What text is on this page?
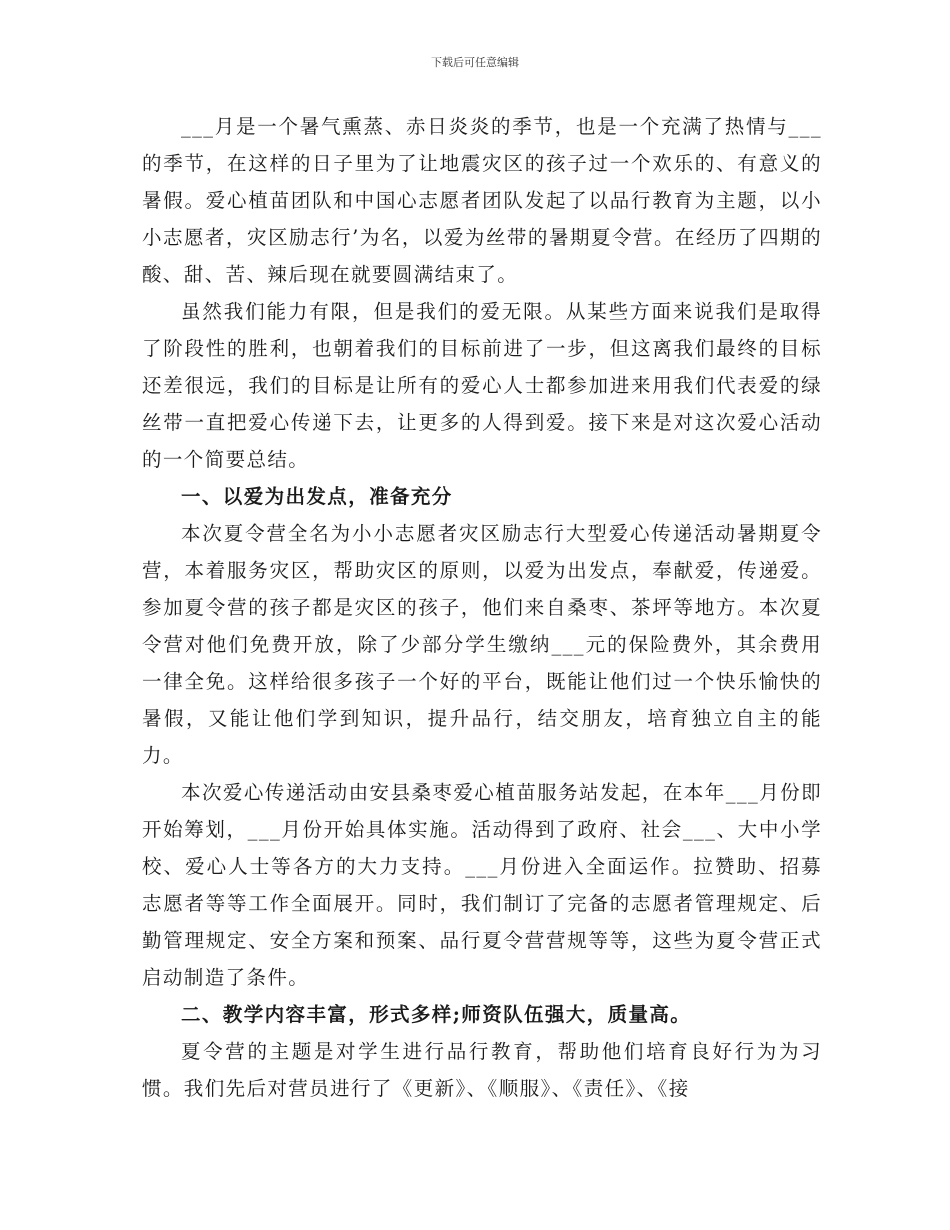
下载后可任意编辑

___月是一个暑气熏蒸、赤日炎炎的季节，也是一个充满了热情与___的季节，在这样的日子里为了让地震灾区的孩子过一个欢乐的、有意义的暑假。爱心植苗团队和中国心志愿者团队发起了以品行教育为主题，以小小志愿者，灾区励志行’为名，以爱为丝带的暑期夏令营。在经历了四期的酸、甜、苦、辣后现在就要圆满结束了。

虽然我们能力有限，但是我们的爱无限。从某些方面来说我们是取得了阶段性的胜利，也朝着我们的目标前进了一步，但这离我们最终的目标还差很远，我们的目标是让所有的爱心人士都参加进来用我们代表爱的绿丝带一直把爱心传递下去，让更多的人得到爱。接下来是对这次爱心活动的一个简要总结。

一、以爱为出发点，准备充分

本次夏令营全名为小小志愿者灾区励志行大型爱心传递活动暑期夏令营，本着服务灾区，帮助灾区的原则，以爱为出发点，奉献爱，传递爱。参加夏令营的孩子都是灾区的孩子，他们来自桑枣、茶坪等地方。本次夏令营对他们免费开放，除了少部分学生缴纳___元的保险费外，其余费用一律全免。这样给很多孩子一个好的平台，既能让他们过一个快乐愉快的暑假，又能让他们学到知识，提升品行，结交朋友，培育独立自主的能力。

本次爱心传递活动由安县桑枣爱心植苗服务站发起，在本年___月份即开始筹划，___月份开始具体实施。活动得到了政府、社会___、大中小学校、爱心人士等各方的大力支持。___月份进入全面运作。拉赞助、招募志愿者等等工作全面展开。同时，我们制订了完备的志愿者管理规定、后勤管理规定、安全方案和预案、品行夏令营营规等等，这些为夏令营正式启动制造了条件。

二、教学内容丰富，形式多样;师资队伍强大，质量高。

夏令营的主题是对学生进行品行教育，帮助他们培育良好行为为习惯。我们先后对营员进行了《更新》、《顺服》、《责任》、《接
